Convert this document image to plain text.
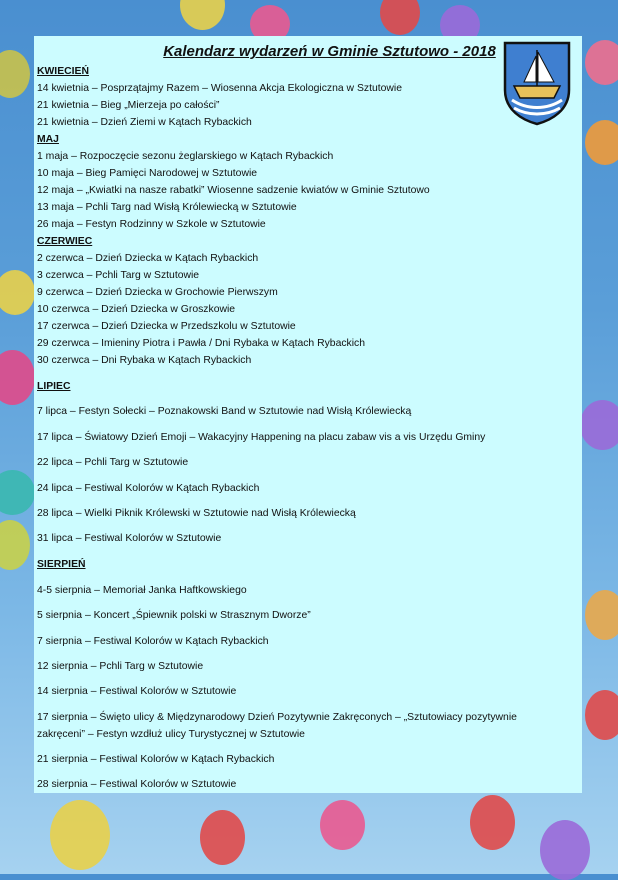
Kalendarz wydarzeń w Gminie Sztutowo - 2018
KWIECIEŃ
14 kwietnia – Posprzątajmy Razem – Wiosenna Akcja Ekologiczna w Sztutowie
21 kwietnia – Bieg „Mierzeja po całości”
21 kwietnia – Dzień Ziemi w Kątach Rybackich
MAJ
1 maja – Rozpoczęcie sezonu żeglarskiego w Kątach Rybackich
10 maja – Bieg Pamięci Narodowej w Sztutowie
12 maja – „Kwiatki na nasze rabatki” Wiosenne sadzenie kwiatów w Gminie Sztutowo
13 maja – Pchli Targ nad Wisłą Królewiecką w Sztutowie
26 maja – Festyn Rodzinny w Szkole w Sztutowie
CZERWIEC
2 czerwca – Dzień Dziecka w Kątach Rybackich
3 czerwca – Pchli Targ w Sztutowie
9 czerwca – Dzień Dziecka w Grochowie Pierwszym
10 czerwca – Dzień Dziecka w Groszkowie
17 czerwca – Dzień Dziecka w Przedszkolu w Sztutowie
29 czerwca – Imieniny Piotra i Pawła / Dni Rybaka w Kątach Rybackich
30 czerwca – Dni Rybaka w Kątach Rybackich
LIPIEC
7 lipca – Festyn Sołecki – Poznakowski Band w Sztutowie nad Wisłą Królewiecką
17 lipca – Światowy Dzień Emoji – Wakacyjny Happening na placu zabaw vis a vis Urzędu Gminy
22 lipca – Pchli Targ w Sztutowie
24 lipca – Festiwal Kolorów w Kątach Rybackich
28 lipca – Wielki Piknik Królewski w Sztutowie nad Wisłą Królewiecką
31 lipca – Festiwal Kolorów w Sztutowie
SIERPIEŃ
4-5 sierpnia – Memoriał Janka Haftkowskiego
5 sierpnia – Koncert „Śpiewnik polski w Strasznym Dworze”
7 sierpnia – Festiwal Kolorów w Kątach Rybackich
12 sierpnia – Pchli Targ w Sztutowie
14 sierpnia – Festiwal Kolorów w Sztutowie
17 sierpnia – Święto ulicy & Międzynarodowy Dzień Pozytywnie Zakręconych – „Sztutowiacy pozytywnie zakręceni” – Festyn wzdłuż ulicy Turystycznej w Sztutowie
21 sierpnia – Festiwal Kolorów w Kątach Rybackich
28 sierpnia – Festiwal Kolorów w Sztutowie
